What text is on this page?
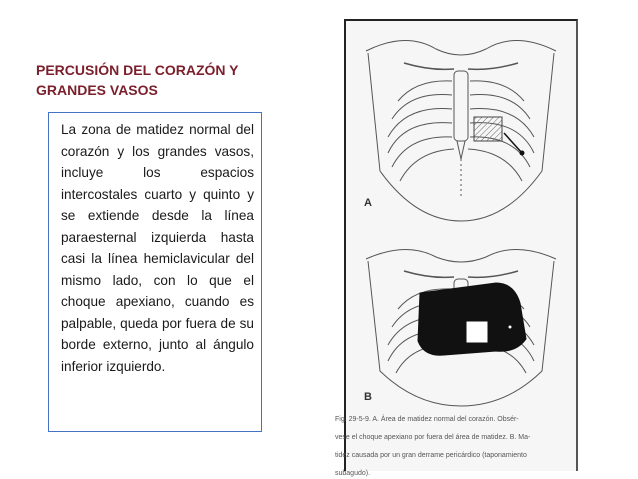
PERCUSIÓN DEL CORAZÓN Y
GRANDES VASOS

La zona de matidez normal del corazón y los grandes vasos, incluye los espacios intercostales cuarto y quinto y se extiende desde la línea paraesternal izquierda hasta casi la línea hemiclavicular del mismo lado, con lo que el choque apexiano, cuando es palpable, queda por fuera de su borde externo, junto al ángulo inferior izquierdo.

A
B

Fig. 29-5-9. A. Área de matidez normal del corazón. Obsér-

vese el choque apexiano por fuera del área de matidez. B. Ma-

tidez causada por un gran derrame pericárdico (taponamiento

subagudo).
